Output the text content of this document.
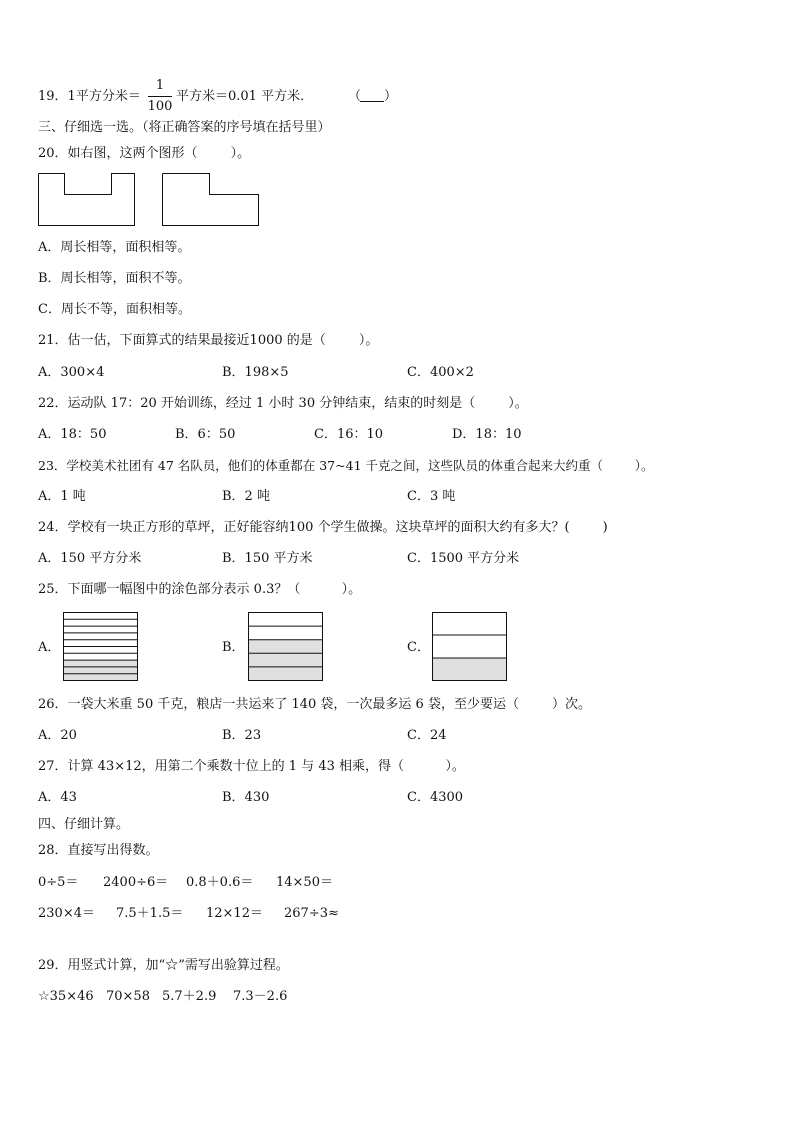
19．1平方分米＝
1
100
平方米＝0.01 平方米．	（ ）
三、仔细选一选。（将正确答案的序号填在括号里）
20．如右图，这两个图形（        ）。
A．周长相等，面积相等。
B．周长相等，面积不等。
C．周长不等，面积相等。
21．估一估，下面算式的结果最接近1000 的是（        ）。
A．300×4	B．198×5	C．400×2
22．运动队 17：20 开始训练，经过 1 小时 30 分钟结束，结束的时刻是（        ）。
A．18：50	B．6：50	C．16：10	D．18：10
23．学校美术社团有 47 名队员，他们的体重都在 37~41 千克之间，这些队员的体重合起来大约重（        ）。
A．1 吨	B．2 吨	C．3 吨
24．学校有一块正方形的草坪，正好能容纳100 个学生做操。这块草坪的面积大约有多大？(        )
A．150 平方分米	B．150 平方米	C．1500 平方分米
25．下面哪一幅图中的涂色部分表示 0.3？（          ）。
A．	B．	C．
26．一袋大米重 50 千克，粮店一共运来了 140 袋，一次最多运 6 袋，至少要运（        ）次。
A．20	B．23	C．24
27．计算 43×12，用第二个乘数十位上的 1 与 43 相乘，得（          ）。
A．43	B．430	C．4300
四、仔细计算。
28．直接写出得数。
0÷5＝ 2400÷6＝ 0.8＋0.6＝ 14×50＝
230×4＝ 7.5＋1.5＝ 12×12＝ 267÷3≈
29．用竖式计算，加“☆”需写出验算过程。
☆35×46 70×58 5.7＋2.9 7.3－2.6
